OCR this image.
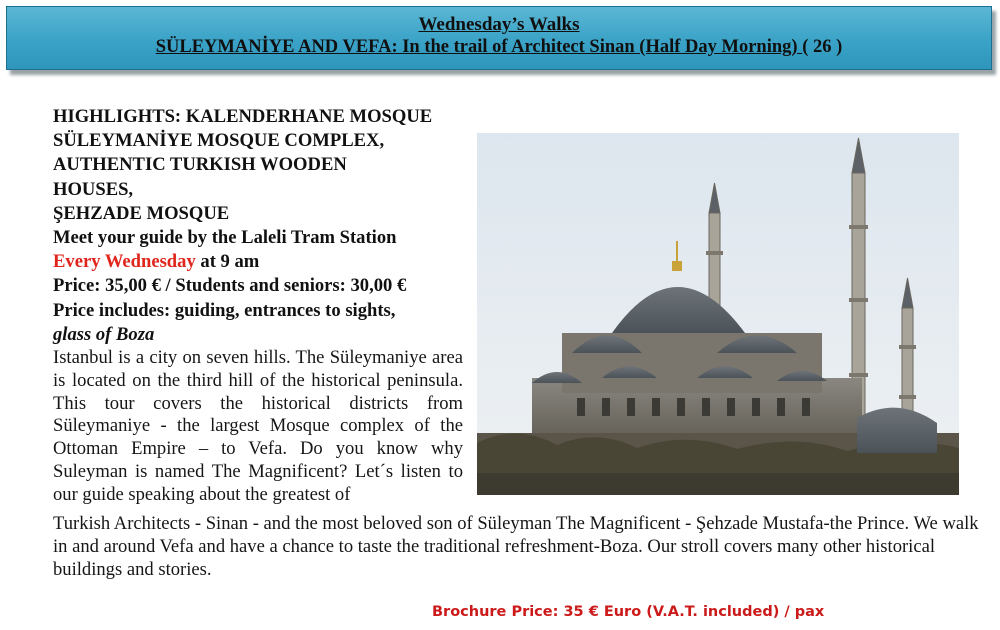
Wednesday’s Walks
SÜLEYMANİYE AND VEFA: In the trail of Architect Sinan (Half Day Morning) ( 26 )
HIGHLIGHTS: KALENDERHANE MOSQUE
SÜLEYMANİYE MOSQUE COMPLEX,
AUTHENTIC TURKISH WOODEN
HOUSES,
ŞEHZADE MOSQUE
Meet your guide by the Laleli Tram Station
Every Wednesday at 9 am
Price: 35,00 € / Students and seniors: 30,00 €
Price includes: guiding, entrances to sights,
glass of Boza
Istanbul is a city on seven hills. The Süleymaniye area is located on the third hill of the historical peninsula. This tour covers the historical districts from Süleymaniye - the largest Mosque complex of the Ottoman Empire – to Vefa. Do you know why Suleyman is named The Magnificent? Let´s listen to our guide speaking about the greatest of
Turkish Architects - Sinan - and the most beloved son of Süleyman The Magnificent - Şehzade Mustafa-the Prince. We walk in and around Vefa and have a chance to taste the traditional refreshment-Boza. Our stroll covers many other historical buildings and stories.
Brochure Price: 35 € Euro (V.A.T. included) / pax
